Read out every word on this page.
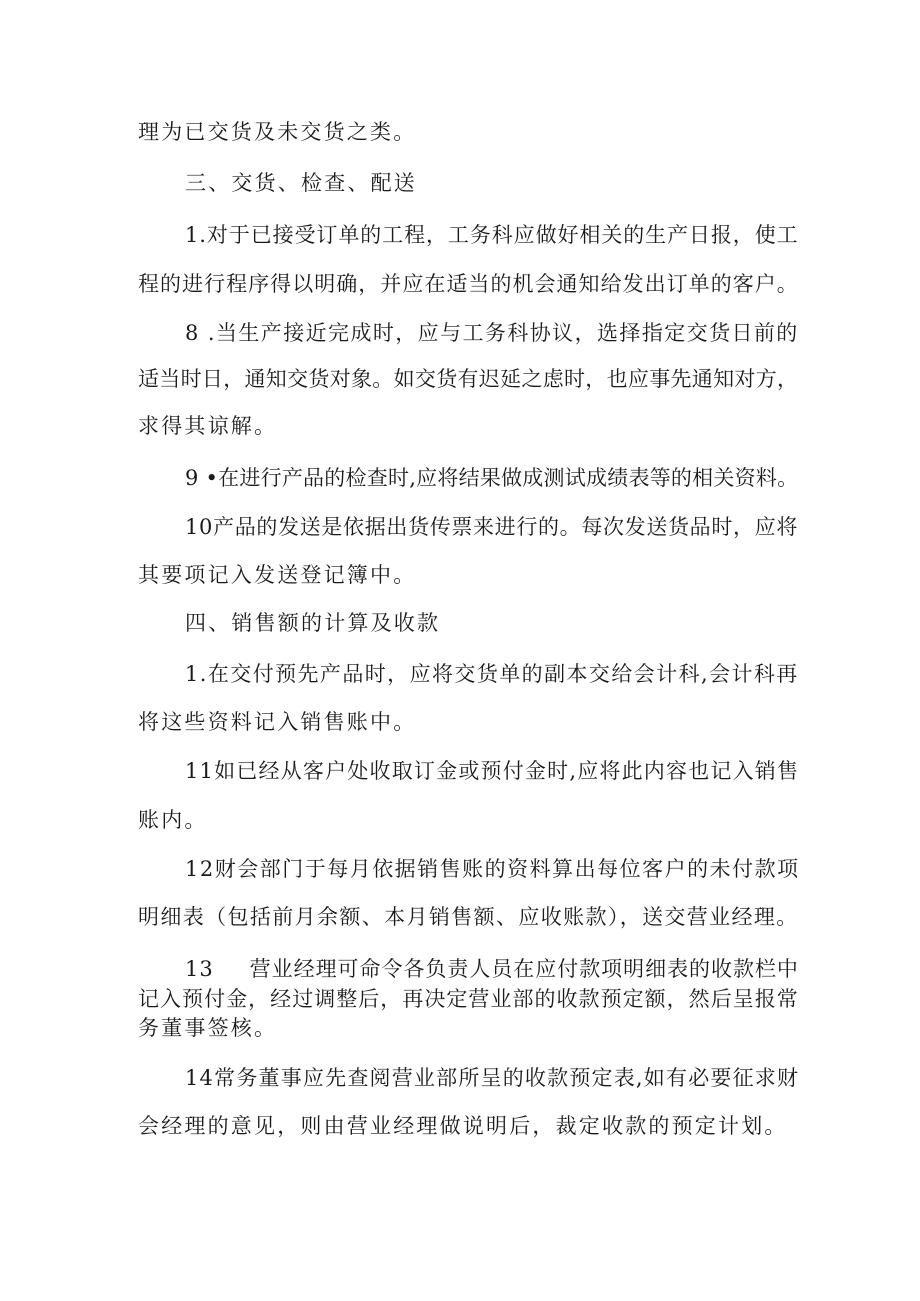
理为已交货及未交货之类。

三、交货、检查、配送

1.对于已接受订单的工程，工务科应做好相关的生产日报，使工

程的进行程序得以明确，并应在适当的机会通知给发出订单的客户。

8 .当生产接近完成时，应与工务科协议，选择指定交货日前的

适当时日，通知交货对象。如交货有迟延之虑时，也应事先通知对方，

求得其谅解。

9 •在进行产品的检查时,应将结果做成测试成绩表等的相关资料。

10产品的发送是依据出货传票来进行的。每次发送货品时，应将

其要项记入发送登记簿中。

四、销售额的计算及收款

1.在交付预先产品时，应将交货单的副本交给会计科,会计科再

将这些资料记入销售账中。

11如已经从客户处收取订金或预付金时,应将此内容也记入销售

账内。

12财会部门于每月依据销售账的资料算出每位客户的未付款项

明细表（包括前月余额、本月销售额、应收账款），送交营业经理。

13 营业经理可命令各负责人员在应付款项明细表的收款栏中

记入预付金，经过调整后，再决定营业部的收款预定额，然后呈报常

务董事签核。

14常务董事应先查阅营业部所呈的收款预定表,如有必要征求财

会经理的意见，则由营业经理做说明后，裁定收款的预定计划。
